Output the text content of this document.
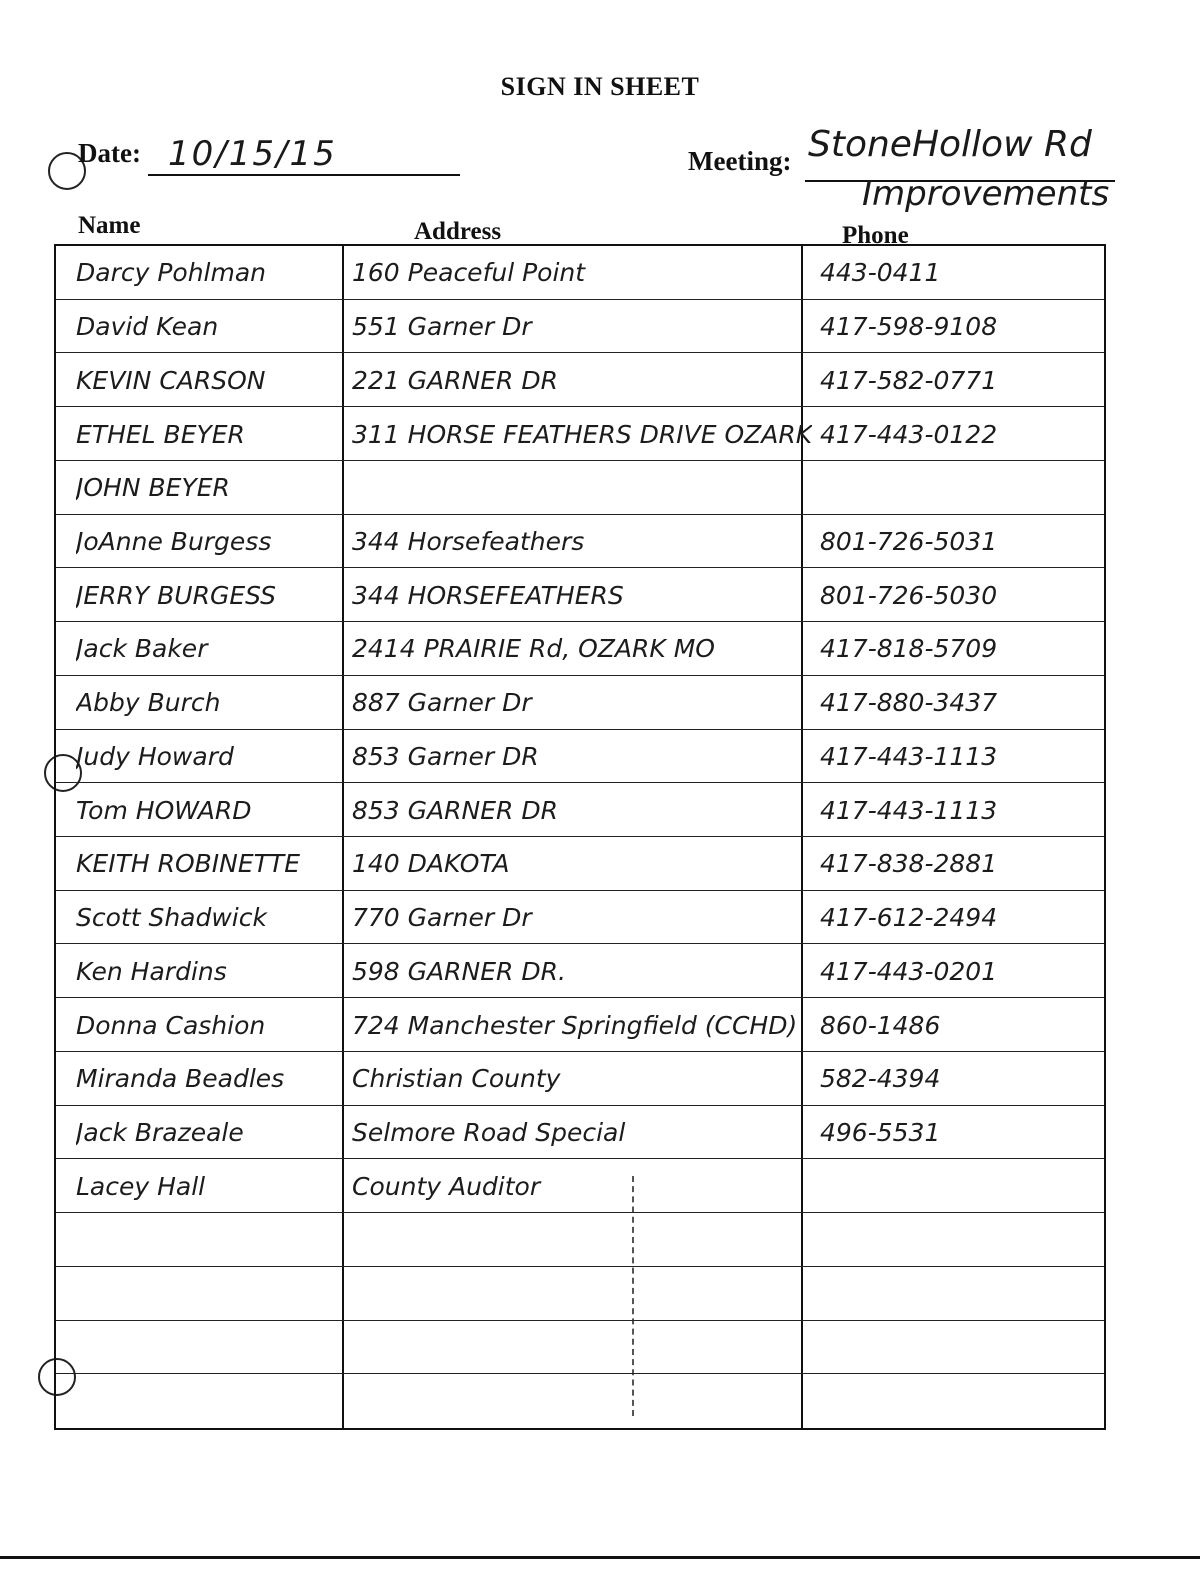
SIGN IN SHEET
Date: 10/15/15	Meeting: StoneHollow Rd
Improvements
Name	Address	Phone
Darcy Pohlman	160 Peaceful Point	443-0411
David Kean	551 Garner Dr	417-598-9108
KEVIN CARSON	221 GARNER DR	417-582-0771
ETHEL BEYER	311 HORSE FEATHERS DRIVE OZARK 417-443-0122
JOHN BEYER
JoAnne Burgess	344 Horsefeathers	801-726-5031
JERRY BURGESS	344 HORSEFEATHERS	801-726-5030
Jack Baker	2414 PRAIRIE Rd, OZARK MO	417-818-5709
Abby Burch	887 Garner Dr	417-880-3437
Judy Howard	853 Garner DR	417-443-1113
Tom HOWARD	853 GARNER DR	417-443-1113
KEITH ROBINETTE	140 DAKOTA	417-838-2881
Scott Shadwick	770 Garner Dr	417-612-2494
Ken Hardins	598 GARNER DR.	417-443-0201
Donna Cashion	724 Manchester Springfield (CCHD) 860-1486
Miranda Beadles	Christian County	582-4394
Jack Brazeale	Selmore Road Special	496-5531
Lacey Hall	County Auditor
